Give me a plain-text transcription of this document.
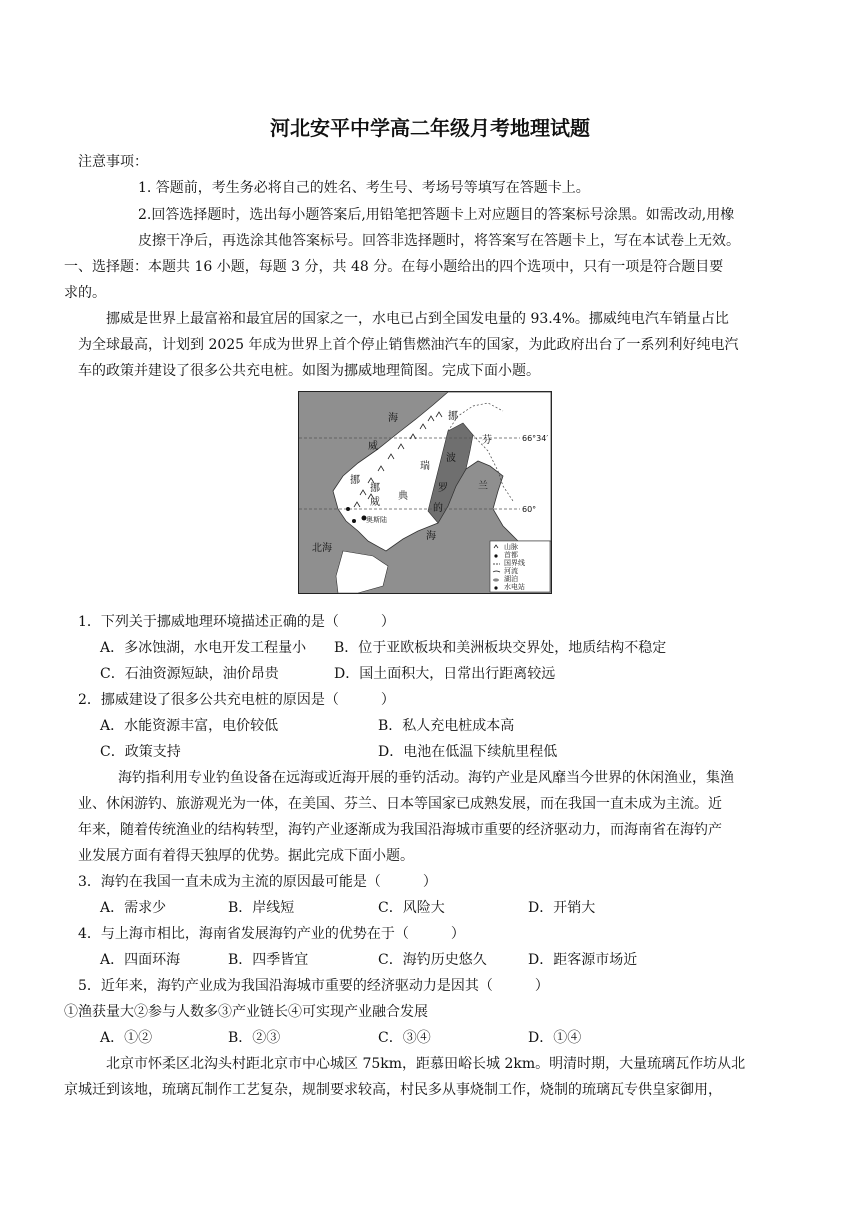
河北安平中学高二年级月考地理试题
注意事项：
1. 答题前，考生务必将自己的姓名、考生号、考场号等填写在答题卡上。
2.回答选择题时，选出每小题答案后,用铅笔把答题卡上对应题目的答案标号涂黑。如需改动,用橡
皮擦干净后，再选涂其他答案标号。回答非选择题时，将答案写在答题卡上，写在本试卷上无效。
一、选择题：本题共 16 小题，每题 3 分，共 48 分。在每小题给出的四个选项中，只有一项是符合题目要
求的。
挪威是世界上最富裕和最宜居的国家之一，水电已占到全国发电量的 93.4%。挪威纯电汽车销量占比
为全球最高，计划到 2025 年成为世界上首个停止销售燃油汽车的国家，为此政府出台了一系列利好纯电汽
车的政策并建设了很多公共充电桩。如图为挪威地理简图。完成下面小题。
海
威
挪
挪
芬
兰
瑞
典
挪
威
波
罗
的
海
北海
奥斯陆
66°34′
60°
山脉
首都
国界线
河流
湖泊
水电站
1．下列关于挪威地理环境描述正确的是（　　　）
A．多冰蚀湖，水电开发工程量小 B．位于亚欧板块和美洲板块交界处，地质结构不稳定
C．石油资源短缺，油价昂贵	D．国土面积大，日常出行距离较远
2．挪威建设了很多公共充电桩的原因是（　　　）
A．水能资源丰富，电价较低	B．私人充电桩成本高
C．政策支持	D．电池在低温下续航里程低
海钓指利用专业钓鱼设备在远海或近海开展的垂钓活动。海钓产业是风靡当今世界的休闲渔业，集渔
业、休闲游钓、旅游观光为一体，在美国、芬兰、日本等国家已成熟发展，而在我国一直未成为主流。近
年来，随着传统渔业的结构转型，海钓产业逐渐成为我国沿海城市重要的经济驱动力，而海南省在海钓产
业发展方面有着得天独厚的优势。据此完成下面小题。
3．海钓在我国一直未成为主流的原因最可能是（　　　）
A．需求少	B．岸线短	C．风险大	D．开销大
4．与上海市相比，海南省发展海钓产业的优势在于（　　　）
A．四面环海	B．四季皆宜	C．海钓历史悠久	D．距客源市场近
5．近年来，海钓产业成为我国沿海城市重要的经济驱动力是因其（　　　）
①渔获量大②参与人数多③产业链长④可实现产业融合发展
A．①②	B．②③	C．③④	D．①④
北京市怀柔区北沟头村距北京市中心城区 75km，距慕田峪长城 2km。明清时期，大量琉璃瓦作坊从北
京城迁到该地，琉璃瓦制作工艺复杂，规制要求较高，村民多从事烧制工作，烧制的琉璃瓦专供皇家御用，
